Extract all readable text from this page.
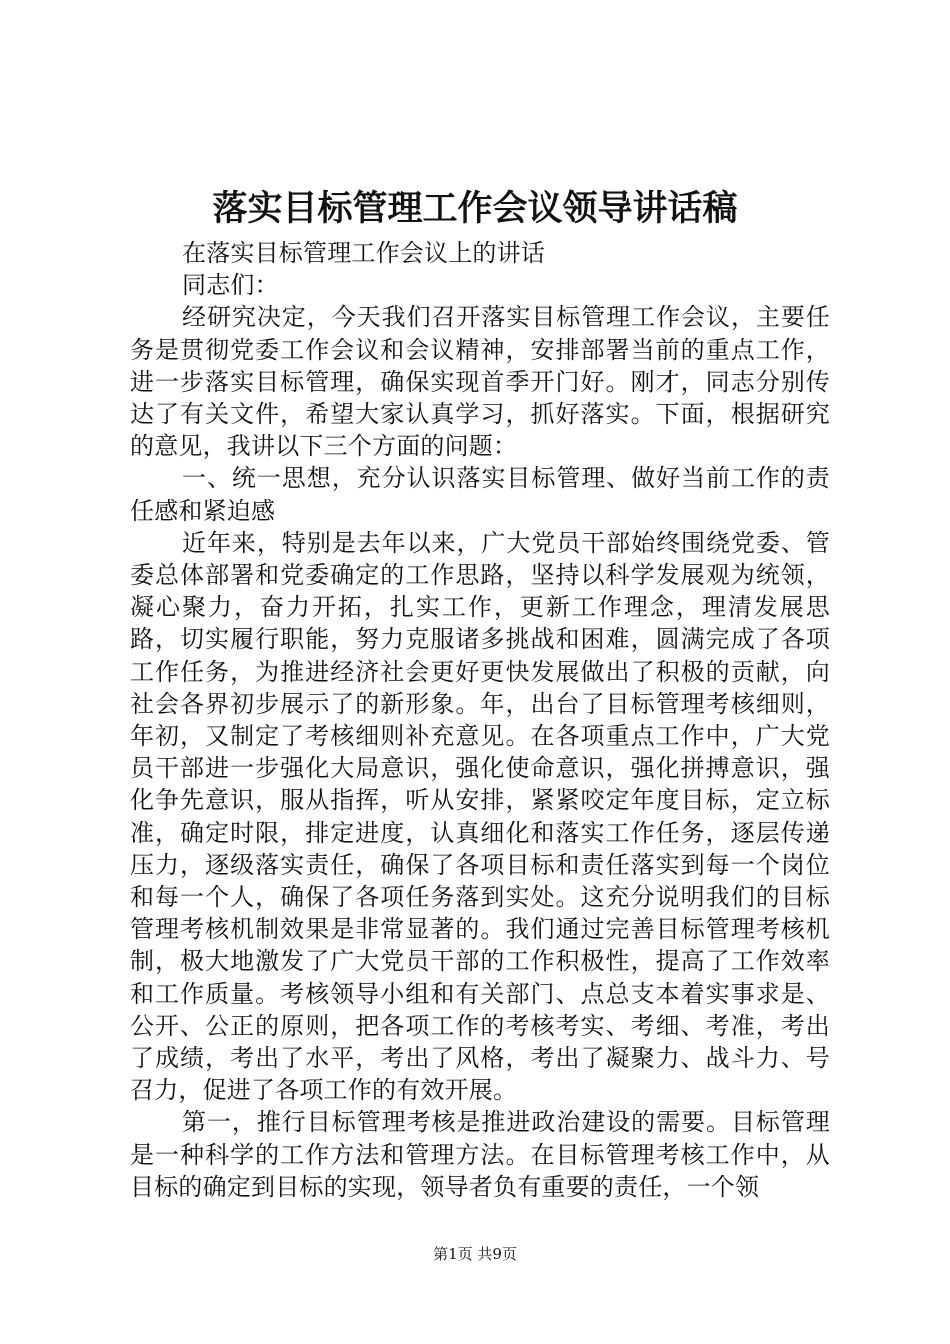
落实目标管理工作会议领导讲话稿

在落实目标管理工作会议上的讲话

同志们：

经研究决定，今天我们召开落实目标管理工作会议，主要任务是贯彻党委工作会议和会议精神，安排部署当前的重点工作，进一步落实目标管理，确保实现首季开门好。刚才，同志分别传达了有关文件，希望大家认真学习，抓好落实。下面，根据研究的意见，我讲以下三个方面的问题：

一、统一思想，充分认识落实目标管理、做好当前工作的责任感和紧迫感

近年来，特别是去年以来，广大党员干部始终围绕党委、管委总体部署和党委确定的工作思路，坚持以科学发展观为统领，凝心聚力，奋力开拓，扎实工作，更新工作理念，理清发展思路，切实履行职能，努力克服诸多挑战和困难，圆满完成了各项工作任务，为推进经济社会更好更快发展做出了积极的贡献，向社会各界初步展示了的新形象。年，出台了目标管理考核细则，年初，又制定了考核细则补充意见。在各项重点工作中，广大党员干部进一步强化大局意识，强化使命意识，强化拼搏意识，强化争先意识，服从指挥，听从安排，紧紧咬定年度目标，定立标准，确定时限，排定进度，认真细化和落实工作任务，逐层传递压力，逐级落实责任，确保了各项目标和责任落实到每一个岗位和每一个人，确保了各项任务落到实处。这充分说明我们的目标管理考核机制效果是非常显著的。我们通过完善目标管理考核机制，极大地激发了广大党员干部的工作积极性，提高了工作效率和工作质量。考核领导小组和有关部门、点总支本着实事求是、公开、公正的原则，把各项工作的考核考实、考细、考准，考出了成绩，考出了水平，考出了风格，考出了凝聚力、战斗力、号召力，促进了各项工作的有效开展。

第一，推行目标管理考核是推进政治建设的需要。目标管理是一种科学的工作方法和管理方法。在目标管理考核工作中，从目标的确定到目标的实现，领导者负有重要的责任，一个领

第1页 共9页
